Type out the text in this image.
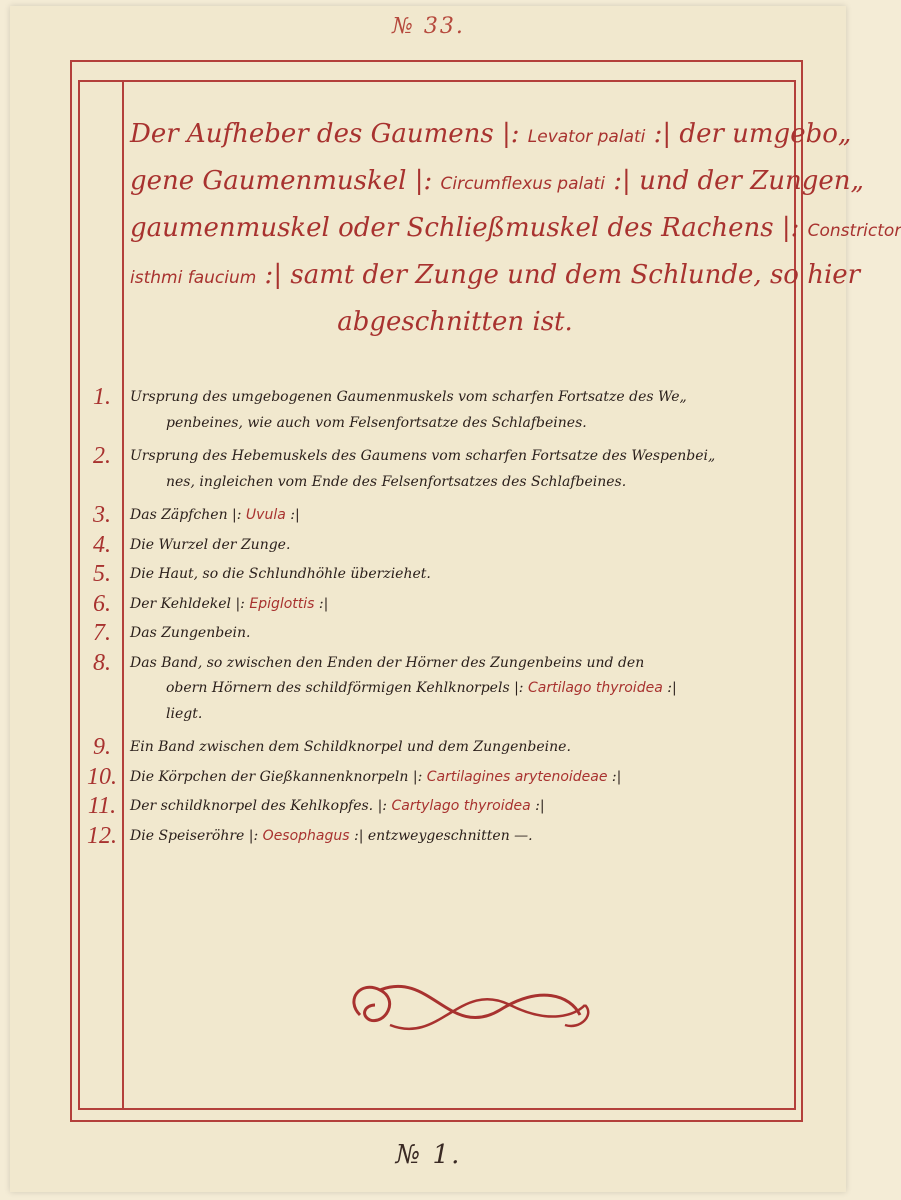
№ 33.
Der Aufheber des Gaumens |: Levator palati :| der umgebo„
gene Gaumenmuskel |: Circumflexus palati :| und der Zungen„
gaumenmuskel oder Schließmuskel des Rachens |: Constrictor
isthmi faucium :| samt der Zunge und dem Schlunde, so hier
abgeschnitten ist.
1.	Ursprung des umgebogenen Gaumenmuskels vom scharfen Fortsatze des We„
penbeines, wie auch vom Felsenfortsatze des Schlafbeines.
2.	Ursprung des Hebemuskels des Gaumens vom scharfen Fortsatze des Wespenbei„
nes, ingleichen vom Ende des Felsenfortsatzes des Schlafbeines.
3.	Das Zäpfchen |: Uvula :|
4.	Die Wurzel der Zunge.
5.	Die Haut, so die Schlundhöhle überziehet.
6.	Der Kehldekel |: Epiglottis :|
7.	Das Zungenbein.
8.	Das Band, so zwischen den Enden der Hörner des Zungenbeins und den
obern Hörnern des schildförmigen Kehlknorpels |: Cartilago thyroidea :|
liegt.
9.	Ein Band zwischen dem Schildknorpel und dem Zungenbeine.
10. Die Körpchen der Gießkannenknorpeln |: Cartilagines arytenoideae :|
11. Der schildknorpel des Kehlkopfes. |: Cartylago thyroidea :|
12. Die Speiseröhre |: Oesophagus :| entzweygeschnitten —.
№ 1.
